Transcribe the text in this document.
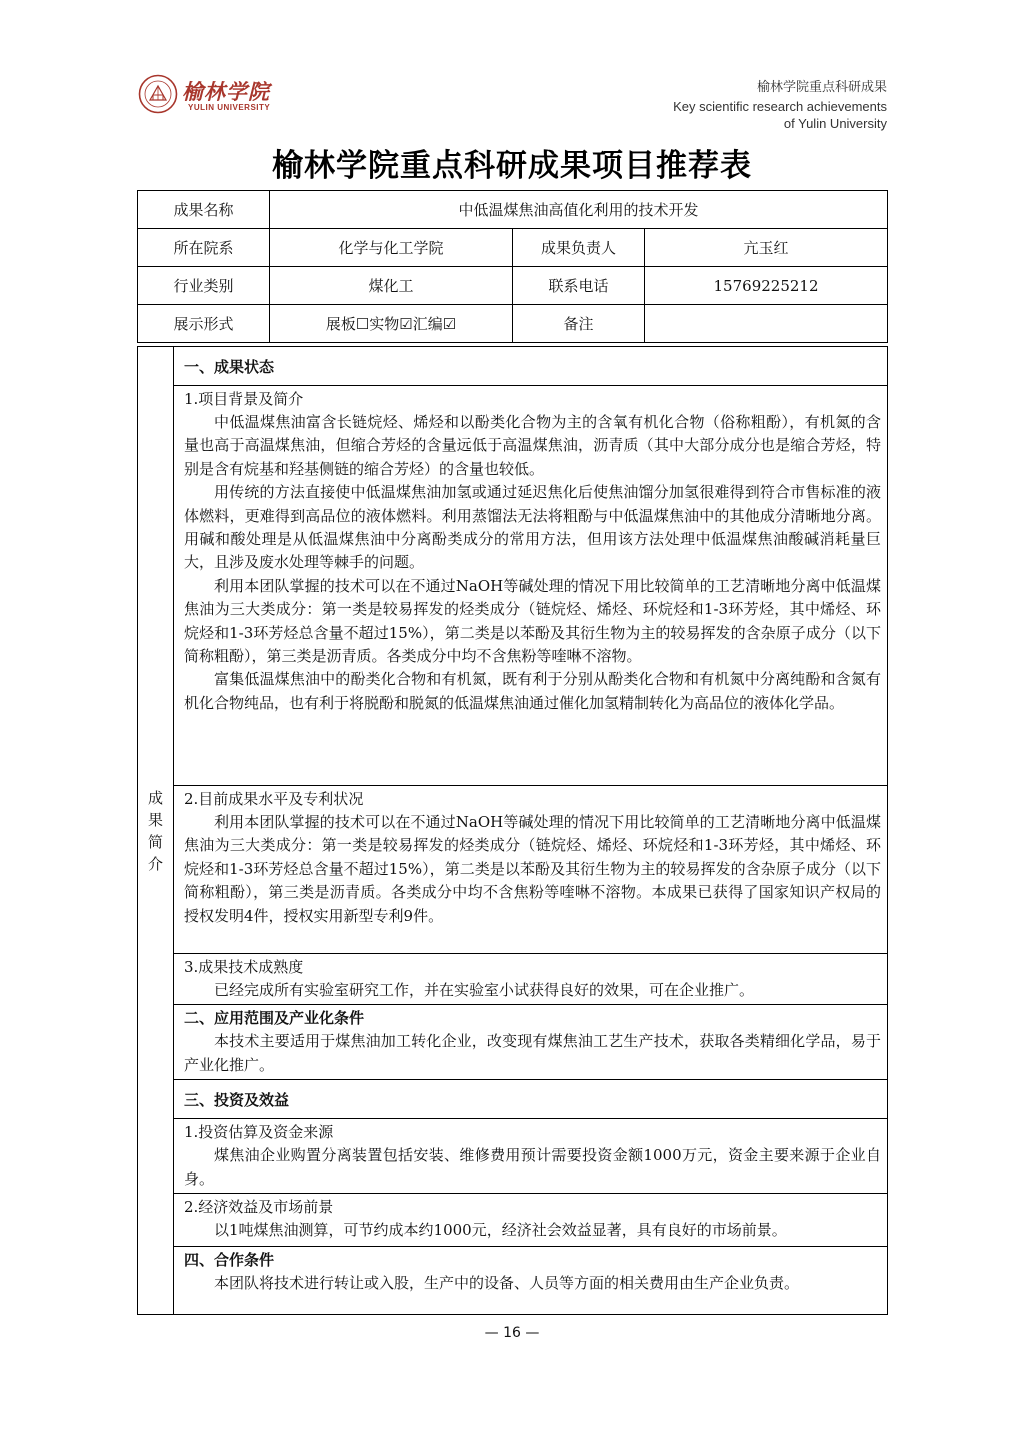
榆林学院
YULIN UNIVERSITY
榆林学院重点科研成果
Key scientific research achievements
of Yulin University
榆林学院重点科研成果项目推荐表
成果名称	中低温煤焦油高值化利用的技术开发		
所在院系	化学与化工学院	成果负责人	亢玉红
行业类别	煤化工	联系电话	15769225212
展示形式	展板☐实物☑汇编☑	备注	
成
果
简
介
	一、成果状态

1.项目背景及简介

中低温煤焦油富含长链烷烃、烯烃和以酚类化合物为主的含氧有机化合物（俗称粗酚），有机氮的含量也高于高温煤焦油，但缩合芳烃的含量远低于高温煤焦油，沥青质（其中大部分成分也是缩合芳烃，特别是含有烷基和羟基侧链的缩合芳烃）的含量也较低。

用传统的方法直接使中低温煤焦油加氢或通过延迟焦化后使焦油馏分加氢很难得到符合市售标准的液体燃料，更难得到高品位的液体燃料。利用蒸馏法无法将粗酚与中低温煤焦油中的其他成分清晰地分离。用碱和酸处理是从低温煤焦油中分离酚类成分的常用方法，但用该方法处理中低温煤焦油酸碱消耗量巨大，且涉及废水处理等棘手的问题。

利用本团队掌握的技术可以在不通过NaOH等碱处理的情况下用比较简单的工艺清晰地分离中低温煤焦油为三大类成分：第一类是较易挥发的烃类成分（链烷烃、烯烃、环烷烃和1-3环芳烃，其中烯烃、环烷烃和1-3环芳烃总含量不超过15%），第二类是以苯酚及其衍生物为主的较易挥发的含杂原子成分（以下简称粗酚），第三类是沥青质。各类成分中均不含焦粉等喹啉不溶物。

富集低温煤焦油中的酚类化合物和有机氮，既有利于分别从酚类化合物和有机氮中分离纯酚和含氮有机化合物纯品，也有利于将脱酚和脱氮的低温煤焦油通过催化加氢精制转化为高品位的液体化学品。

2.目前成果水平及专利状况

利用本团队掌握的技术可以在不通过NaOH等碱处理的情况下用比较简单的工艺清晰地分离中低温煤焦油为三大类成分：第一类是较易挥发的烃类成分（链烷烃、烯烃、环烷烃和1-3环芳烃，其中烯烃、环烷烃和1-3环芳烃总含量不超过15%），第二类是以苯酚及其衍生物为主的较易挥发的含杂原子成分（以下简称粗酚），第三类是沥青质。各类成分中均不含焦粉等喹啉不溶物。本成果已获得了国家知识产权局的授权发明4件，授权实用新型专利9件。

3.成果技术成熟度

已经完成所有实验室研究工作，并在实验室小试获得良好的效果，可在企业推广。

二、应用范围及产业化条件

本技术主要适用于煤焦油加工转化企业，改变现有煤焦油工艺生产技术，获取各类精细化学品，易于产业化推广。

三、投资及效益

1.投资估算及资金来源

煤焦油企业购置分离装置包括安装、维修费用预计需要投资金额1000万元，资金主要来源于企业自身。

2.经济效益及市场前景

以1吨煤焦油测算，可节约成本约1000元，经济社会效益显著，具有良好的市场前景。

四、合作条件

本团队将技术进行转让或入股，生产中的设备、人员等方面的相关费用由生产企业负责。

— 16 —
